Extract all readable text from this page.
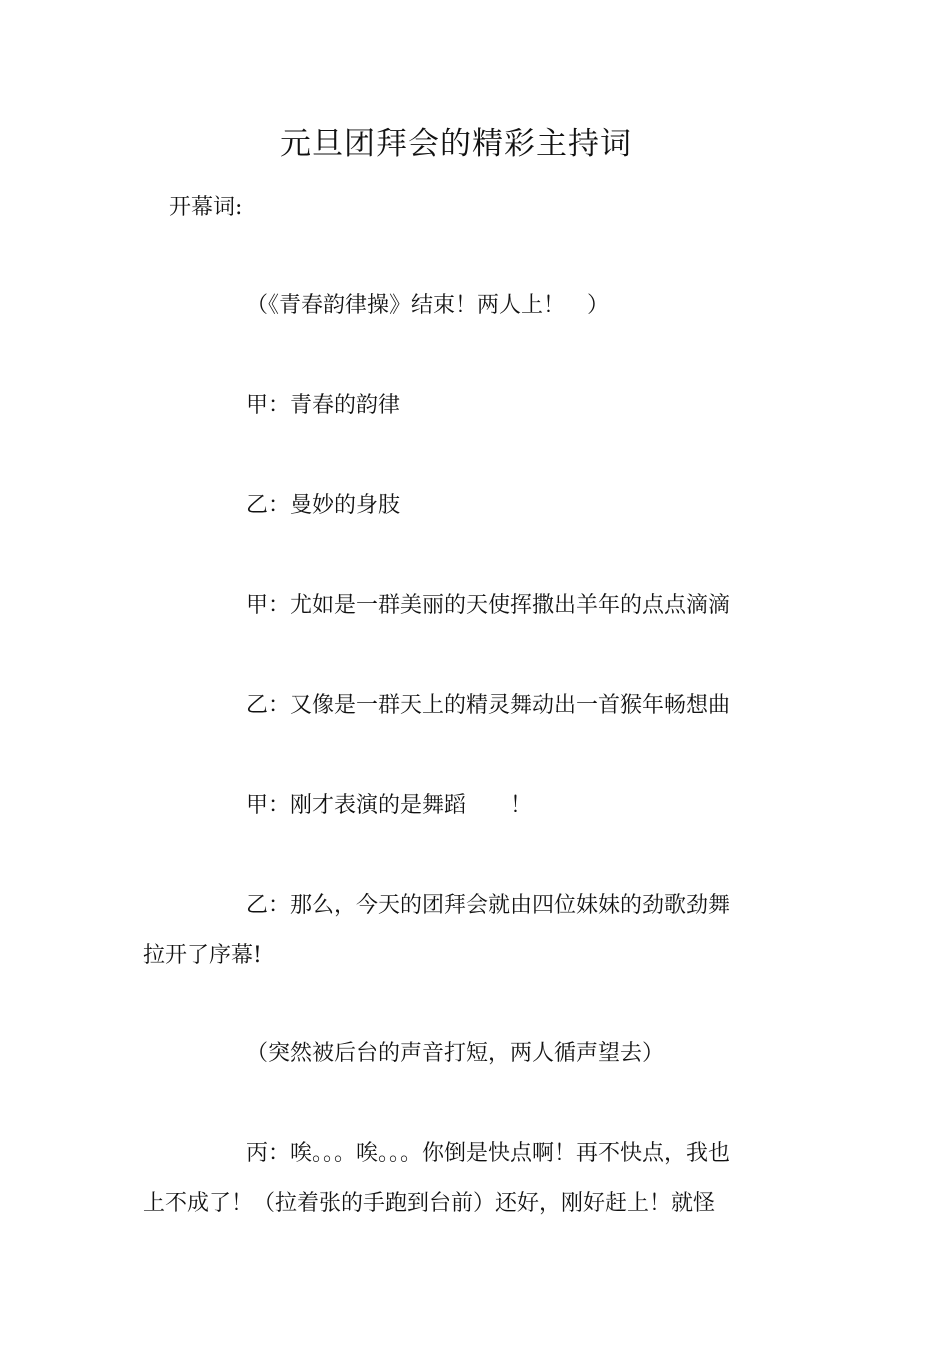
元旦团拜会的精彩主持词
开幕词:
（《青春韵律操》结束！两人上！　）
甲：青春的韵律
乙：曼妙的身肢
甲：尤如是一群美丽的天使挥撒出羊年的点点滴滴
乙：又像是一群天上的精灵舞动出一首猴年畅想曲
甲：刚才表演的是舞蹈　　！
乙：那么，今天的团拜会就由四位妹妹的劲歌劲舞
拉开了序幕!
（突然被后台的声音打短，两人循声望去）
丙：唉。。。唉。。。你倒是快点啊！再不快点，我也
上不成了！（拉着张的手跑到台前）还好，刚好赶上！就怪
